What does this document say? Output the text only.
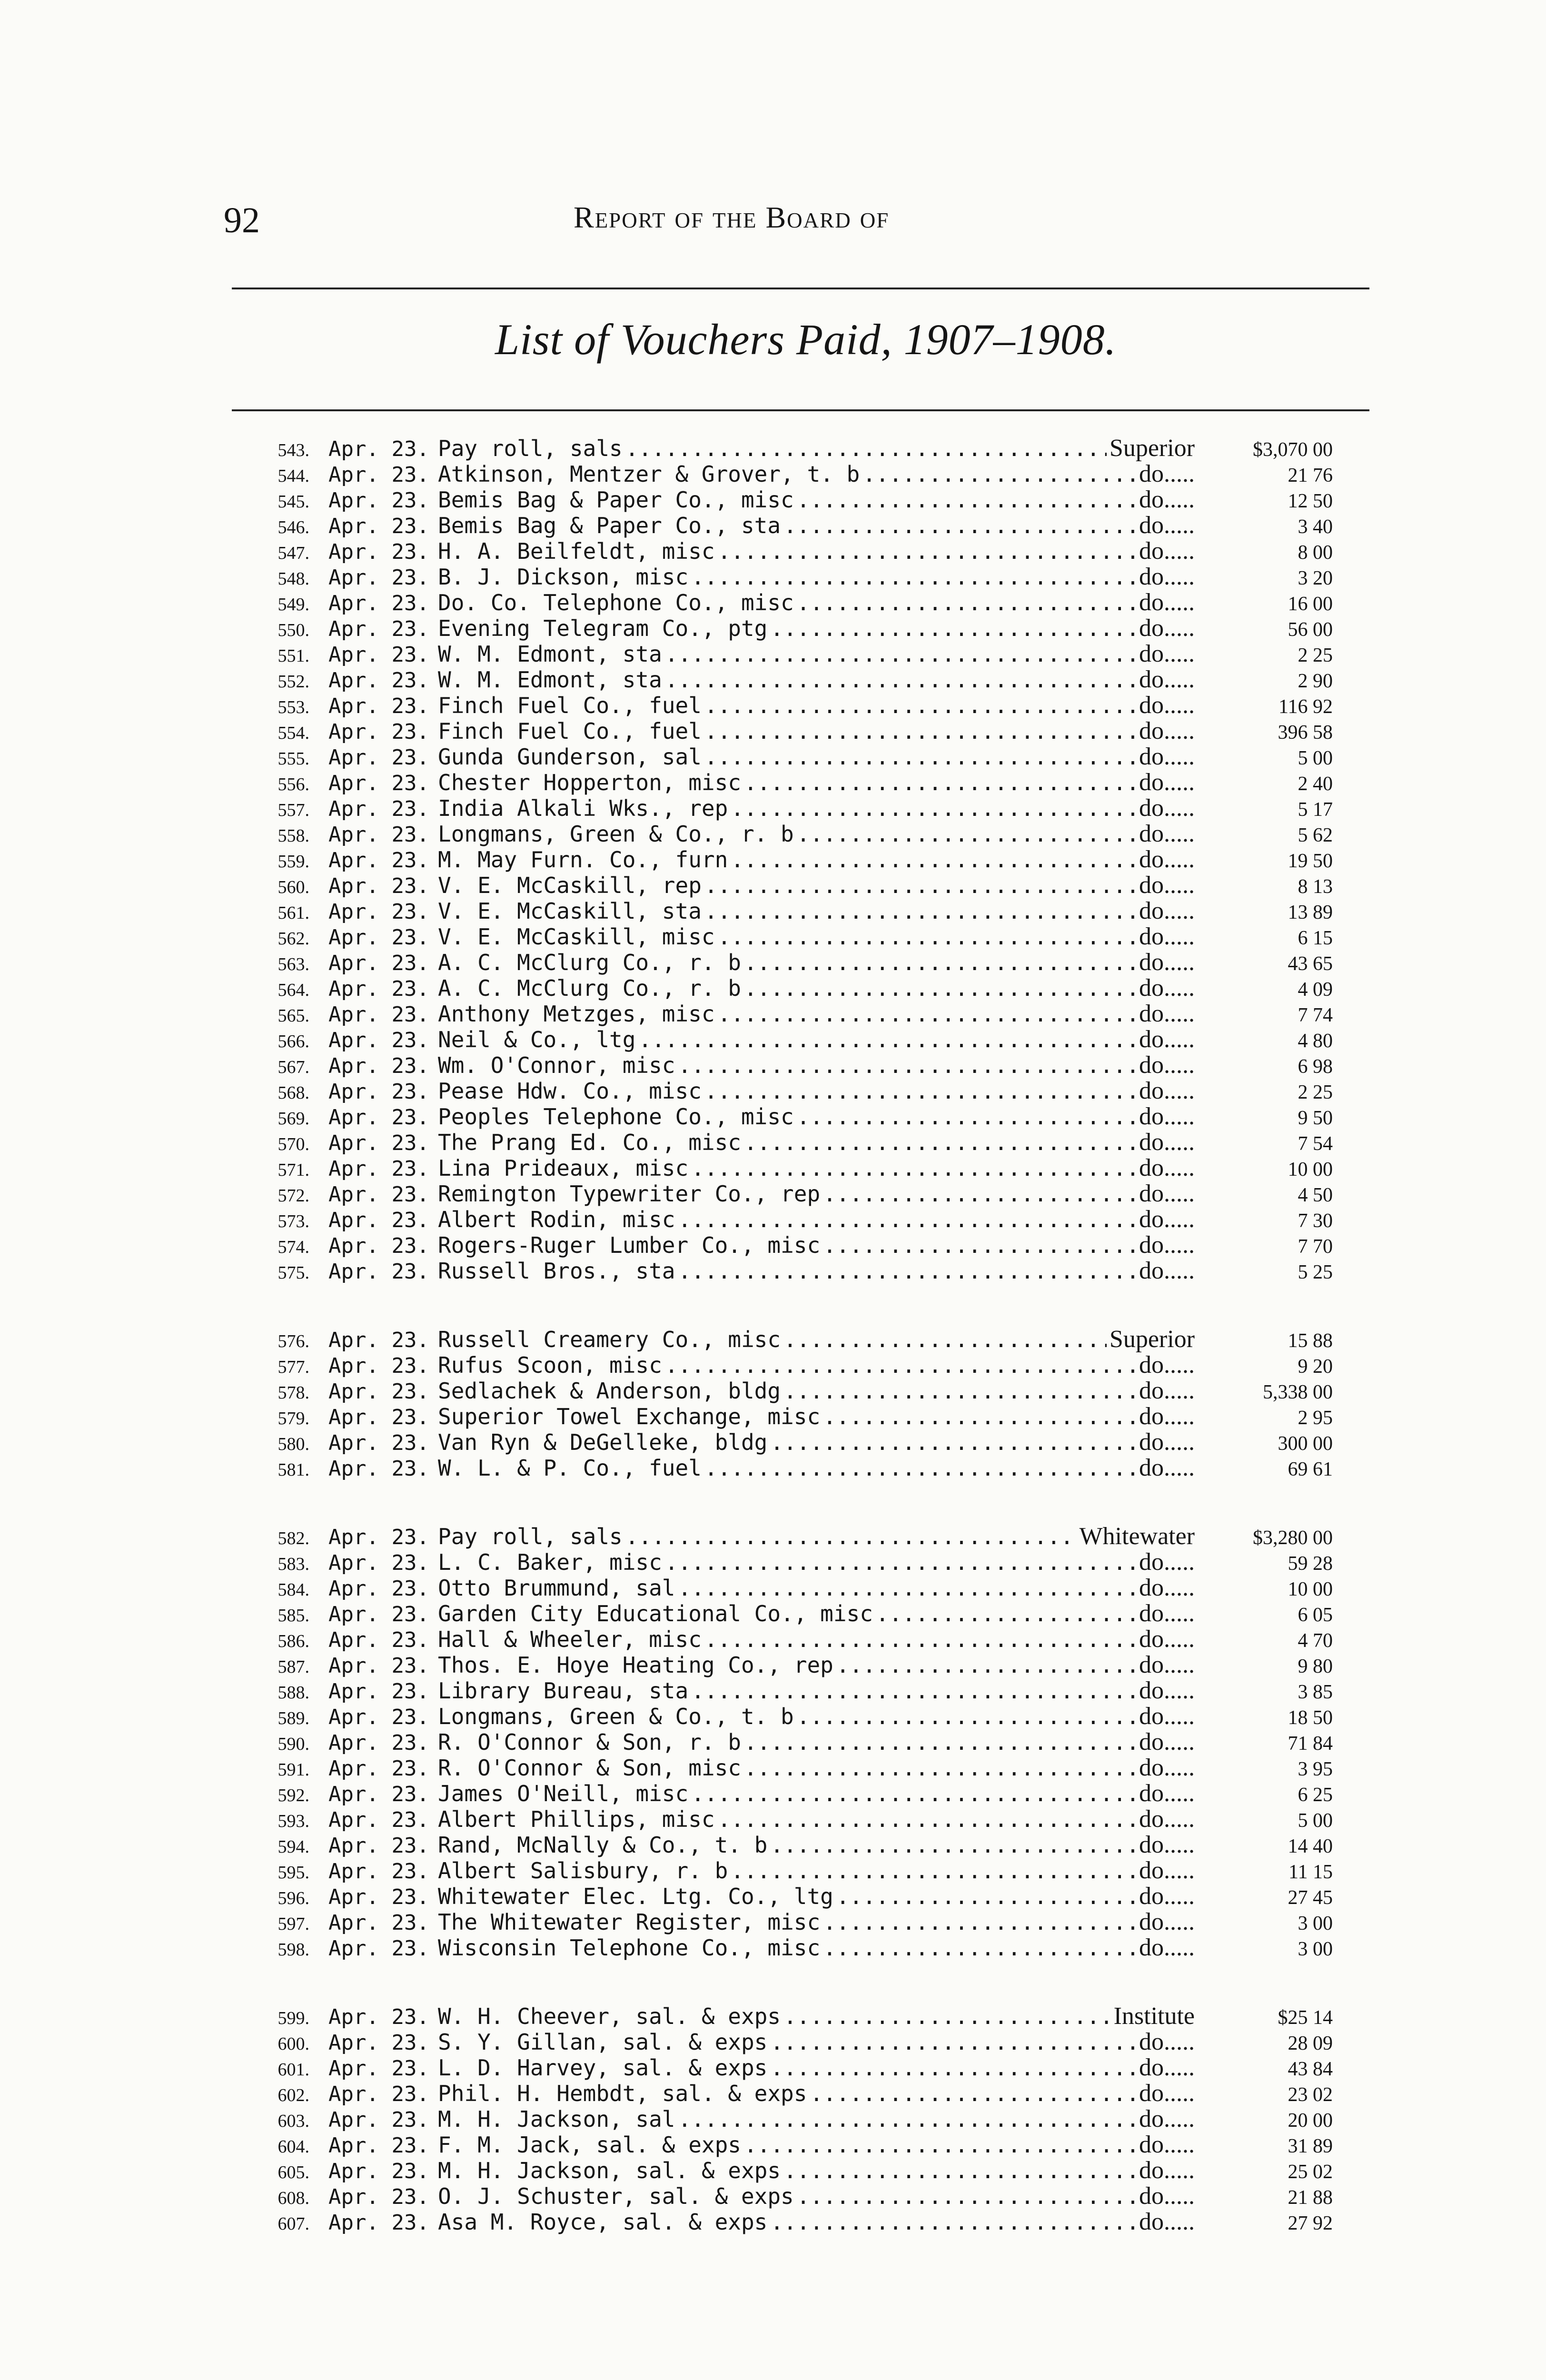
92	Report of the Board of
List of Vouchers Paid, 1907–1908.
543. Apr. 23. Pay roll, sals .....	Superior	$3,070 00
544. Apr. 23. Atkinson, Mentzer & Grover, t. b .....	do.....	21 76
545. Apr. 23. Bemis Bag & Paper Co., misc .....	do.....	12 50
546. Apr. 23. Bemis Bag & Paper Co., sta .....	do.....	3 40
547. Apr. 23. H. A. Beilfeldt, misc .....	do.....	8 00
548. Apr. 23. B. J. Dickson, misc .....	do.....	3 20
549. Apr. 23. Do. Co. Telephone Co., misc .....	do.....	16 00
550. Apr. 23. Evening Telegram Co., ptg .....	do.....	56 00
551. Apr. 23. W. M. Edmont, sta .....	do.....	2 25
552. Apr. 23. W. M. Edmont, sta .....	do.....	2 90
553. Apr. 23. Finch Fuel Co., fuel .....	do.....	116 92
554. Apr. 23. Finch Fuel Co., fuel .....	do.....	396 58
555. Apr. 23. Gunda Gunderson, sal .....	do.....	5 00
556. Apr. 23. Chester Hopperton, misc .....	do.....	2 40
557. Apr. 23. India Alkali Wks., rep .....	do.....	5 17
558. Apr. 23. Longmans, Green & Co., r. b .....	do.....	5 62
559. Apr. 23. M. May Furn. Co., furn .....	do.....	19 50
560. Apr. 23. V. E. McCaskill, rep .....	do.....	8 13
561. Apr. 23. V. E. McCaskill, sta .....	do.....	13 89
562. Apr. 23. V. E. McCaskill, misc .....	do.....	6 15
563. Apr. 23. A. C. McClurg Co., r. b .....	do.....	43 65
564. Apr. 23. A. C. McClurg Co., r. b .....	do.....	4 09
565. Apr. 23. Anthony Metzges, misc .....	do.....	7 74
566. Apr. 23. Neil & Co., ltg .....	do.....	4 80
567. Apr. 23. Wm. O'Connor, misc .....	do.....	6 98
568. Apr. 23. Pease Hdw. Co., misc .....	do.....	2 25
569. Apr. 23. Peoples Telephone Co., misc .....	do.....	9 50
570. Apr. 23. The Prang Ed. Co., misc .....	do.....	7 54
571. Apr. 23. Lina Prideaux, misc .....	do.....	10 00
572. Apr. 23. Remington Typewriter Co., rep .....	do.....	4 50
573. Apr. 23. Albert Rodin, misc .....	do.....	7 30
574. Apr. 23. Rogers-Ruger Lumber Co., misc .....	do.....	7 70
575. Apr. 23. Russell Bros., sta .....	do.....	5 25
576. Apr. 23. Russell Creamery Co., misc .....	Superior	15 88
577. Apr. 23. Rufus Scoon, misc .....	do.....	9 20
578. Apr. 23. Sedlachek & Anderson, bldg .....	do.....	5,338 00
579. Apr. 23. Superior Towel Exchange, misc .....	do.....	2 95
580. Apr. 23. Van Ryn & DeGelleke, bldg .....	do.....	300 00
581. Apr. 23. W. L. & P. Co., fuel .....	do.....	69 61
582. Apr. 23. Pay roll, sals .....	Whitewater	$3,280 00
583. Apr. 23. L. C. Baker, misc .....	do.....	59 28
584. Apr. 23. Otto Brummund, sal .....	do.....	10 00
585. Apr. 23. Garden City Educational Co., misc .....	do.....	6 05
586. Apr. 23. Hall & Wheeler, misc .....	do.....	4 70
587. Apr. 23. Thos. E. Hoye Heating Co., rep .....	do.....	9 80
588. Apr. 23. Library Bureau, sta .....	do.....	3 85
589. Apr. 23. Longmans, Green & Co., t. b .....	do.....	18 50
590. Apr. 23. R. O'Connor & Son, r. b .....	do.....	71 84
591. Apr. 23. R. O'Connor & Son, misc .....	do.....	3 95
592. Apr. 23. James O'Neill, misc .....	do.....	6 25
593. Apr. 23. Albert Phillips, misc .....	do.....	5 00
594. Apr. 23. Rand, McNally & Co., t. b .....	do.....	14 40
595. Apr. 23. Albert Salisbury, r. b .....	do.....	11 15
596. Apr. 23. Whitewater Elec. Ltg. Co., ltg .....	do.....	27 45
597. Apr. 23. The Whitewater Register, misc .....	do.....	3 00
598. Apr. 23. Wisconsin Telephone Co., misc .....	do.....	3 00
599. Apr. 23. W. H. Cheever, sal. & exps .....	Institute	$25 14
600. Apr. 23. S. Y. Gillan, sal. & exps .....	do.....	28 09
601. Apr. 23. L. D. Harvey, sal. & exps .....	do.....	43 84
602. Apr. 23. Phil. H. Hembdt, sal. & exps .....	do.....	23 02
603. Apr. 23. M. H. Jackson, sal .....	do.....	20 00
604. Apr. 23. F. M. Jack, sal. & exps .....	do.....	31 89
605. Apr. 23. M. H. Jackson, sal. & exps .....	do.....	25 02
608. Apr. 23. O. J. Schuster, sal. & exps .....	do.....	21 88
607. Apr. 23. Asa M. Royce, sal. & exps .....	do.....	27 92
